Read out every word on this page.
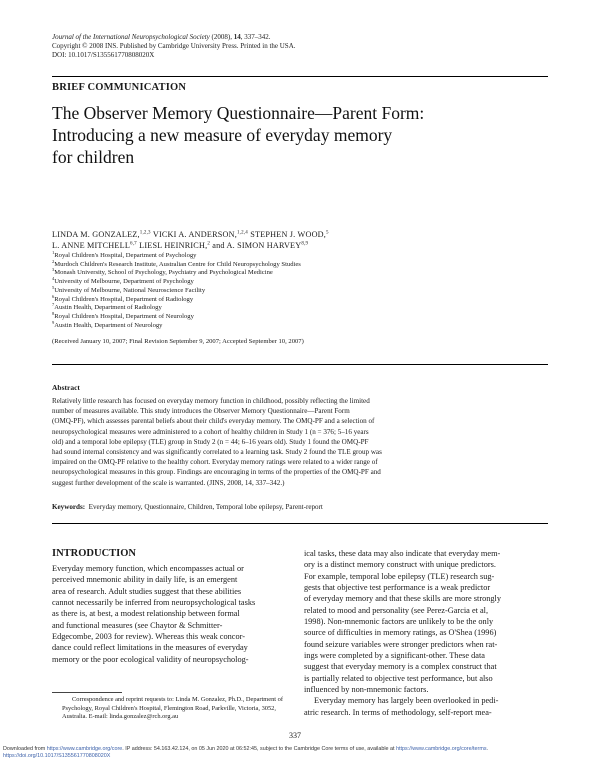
Journal of the International Neuropsychological Society (2008), 14, 337–342.
Copyright © 2008 INS. Published by Cambridge University Press. Printed in the USA.
DOI: 10.1017/S135561770808020X
BRIEF COMMUNICATION
The Observer Memory Questionnaire—Parent Form:
Introducing a new measure of everyday memory
for children
LINDA M. GONZALEZ,$^{1,2,3}$ VICKI A. ANDERSON,$^{1,2,4}$ STEPHEN J. WOOD,$^5$
L. ANNE MITCHELL$^{6,7}$ LIESL HEINRICH,$^2$ and A. SIMON HARVEY$^{8,9}$
$^1$Royal Children's Hospital, Department of Psychology
$^2$Murdoch Children's Research Institute, Australian Centre for Child Neuropsychology Studies
$^3$Monash University, School of Psychology, Psychiatry and Psychological Medicine
$^4$University of Melbourne, Department of Psychology
$^5$University of Melbourne, National Neuroscience Facility
$^6$Royal Children's Hospital, Department of Radiology
$^7$Austin Health, Department of Radiology
$^8$Royal Children's Hospital, Department of Neurology
$^9$Austin Health, Department of Neurology
(Received January 10, 2007; Final Revision September 9, 2007; Accepted September 10, 2007)
Abstract
Relatively little research has focused on everyday memory function in childhood, possibly reflecting the limited
number of measures available. This study introduces the Observer Memory Questionnaire—Parent Form
(OMQ-PF), which assesses parental beliefs about their child's everyday memory. The OMQ-PF and a selection of
neuropsychological measures were administered to a cohort of healthy children in Study 1 (n = 376; 5–16 years
old) and a temporal lobe epilepsy (TLE) group in Study 2 (n = 44; 6–16 years old). Study 1 found the OMQ-PF
had sound internal consistency and was significantly correlated to a learning task. Study 2 found the TLE group was
impaired on the OMQ-PF relative to the healthy cohort. Everyday memory ratings were related to a wider range of
neuropsychological measures in this group. Findings are encouraging in terms of the properties of the OMQ-PF and
suggest further development of the scale is warranted. (JINS, 2008, 14, 337–342.)
Keywords: Everyday memory, Questionnaire, Children, Temporal lobe epilepsy, Parent-report
INTRODUCTION
Everyday memory function, which encompasses actual or
perceived mnemonic ability in daily life, is an emergent
area of research. Adult studies suggest that these abilities
cannot necessarily be inferred from neuropsychological tasks
as there is, at best, a modest relationship between formal
and functional measures (see Chaytor & Schmitter-
Edgecombe, 2003 for review). Whereas this weak concor-
dance could reflect limitations in the measures of everyday
memory or the poor ecological validity of neuropsycholog-
ical tasks, these data may also indicate that everyday mem-
ory is a distinct memory construct with unique predictors.
For example, temporal lobe epilepsy (TLE) research sug-
gests that objective test performance is a weak predictor
of everyday memory and that these skills are more strongly
related to mood and personality (see Perez-Garcia et al,
1998). Non-mnemonic factors are unlikely to be the only
source of difficulties in memory ratings, as O'Shea (1996)
found seizure variables were stronger predictors when rat-
ings were completed by a significant-other. These data
suggest that everyday memory is a complex construct that
is partially related to objective test performance, but also
influenced by non-mnemonic factors.
Everyday memory has largely been overlooked in pedi-
atric research. In terms of methodology, self-report mea-
Correspondence and reprint requests to: Linda M. Gonzalez, Ph.D., Department of Psychology, Royal Children's Hospital, Flemington Road, Parkville, Victoria, 3052, Australia. E-mail: linda.gonzalez@rch.org.au
337
Downloaded from https://www.cambridge.org/core. IP address: 54.163.42.124, on 05 Jun 2020 at 06:52:45, subject to the Cambridge Core terms of use, available at https://www.cambridge.org/core/terms.
https://doi.org/10.1017/S135561770808020X
